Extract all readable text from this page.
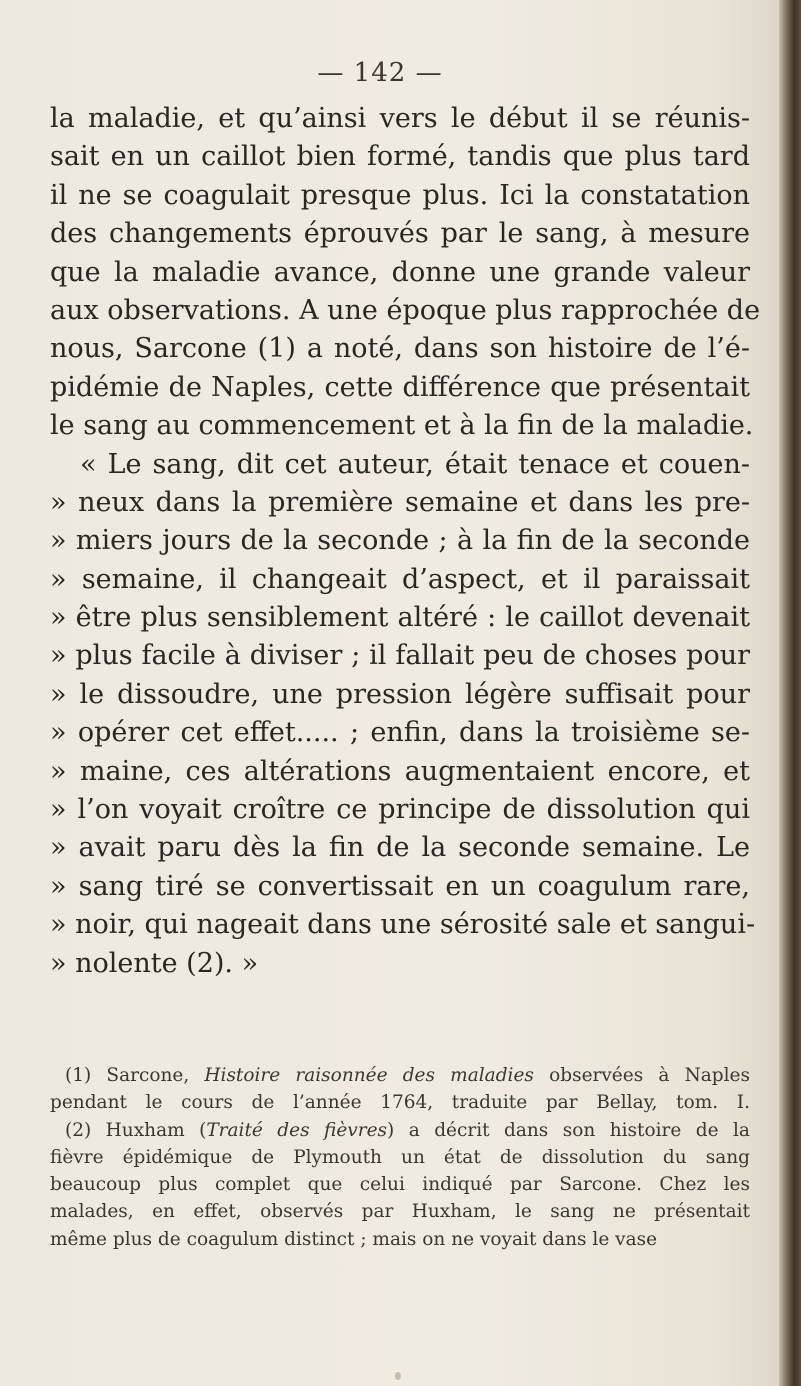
— 142 —
la maladie, et qu’ainsi vers le début il se réunis-
sait en un caillot bien formé, tandis que plus tard
il ne se coagulait presque plus. Ici la constatation
des changements éprouvés par le sang, à mesure
que la maladie avance, donne une grande valeur
aux observations. A une époque plus rapprochée de
nous, Sarcone (1) a noté, dans son histoire de l’é-
pidémie de Naples, cette différence que présentait
le sang au commencement et à la fin de la maladie.
« Le sang, dit cet auteur, était tenace et couen-
» neux dans la première semaine et dans les pre-
» miers jours de la seconde ; à la fin de la seconde
» semaine, il changeait d’aspect, et il paraissait
» être plus sensiblement altéré : le caillot devenait
» plus facile à diviser ; il fallait peu de choses pour
» le dissoudre, une pression légère suffisait pour
» opérer cet effet..... ; enfin, dans la troisième se-
» maine, ces altérations augmentaient encore, et
» l’on voyait croître ce principe de dissolution qui
» avait paru dès la fin de la seconde semaine. Le
» sang tiré se convertissait en un coagulum rare,
» noir, qui nageait dans une sérosité sale et sangui-
» nolente (2). »
(1) Sarcone, Histoire raisonnée des maladies observées à Naples
pendant le cours de l’année 1764, traduite par Bellay, tom. I.
(2) Huxham (Traité des fièvres) a décrit dans son histoire de la
fièvre épidémique de Plymouth un état de dissolution du sang
beaucoup plus complet que celui indiqué par Sarcone. Chez les
malades, en effet, observés par Huxham, le sang ne présentait
même plus de coagulum distinct ; mais on ne voyait dans le vase
